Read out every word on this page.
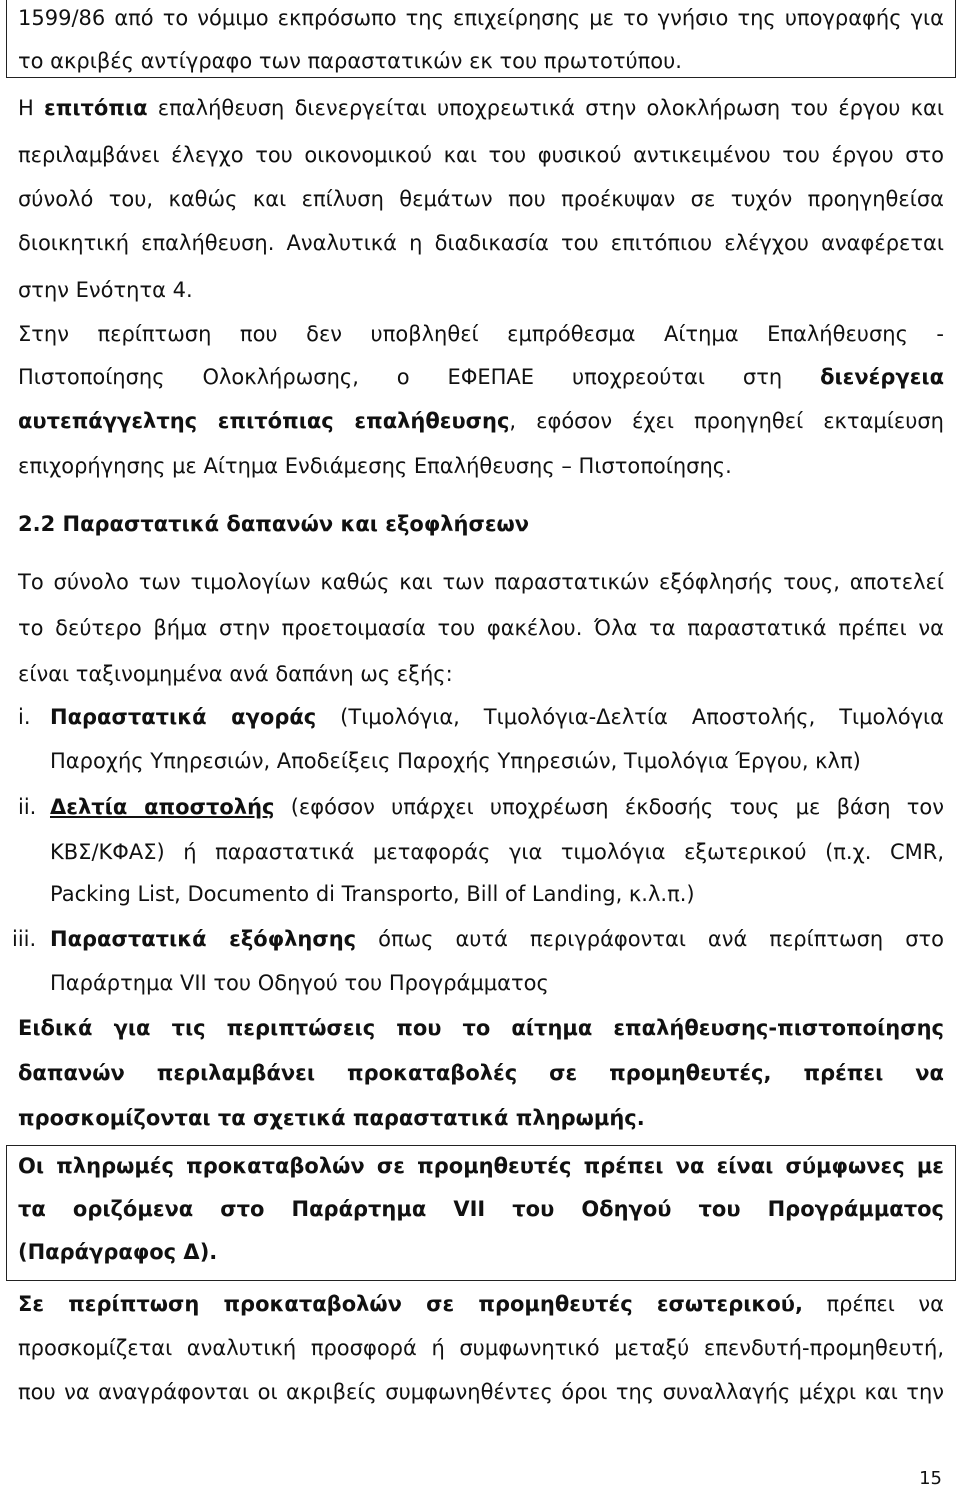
1599/86 από το νόμιμο εκπρόσωπο της επιχείρησης με το γνήσιο της υπογραφής για
το ακριβές αντίγραφο των παραστατικών εκ του πρωτοτύπου.
Η επιτόπια επαλήθευση διενεργείται υποχρεωτικά στην ολοκλήρωση του έργου και
περιλαμβάνει έλεγχο του οικονομικού και του φυσικού αντικειμένου του έργου στο
σύνολό του, καθώς και επίλυση θεμάτων που προέκυψαν σε τυχόν προηγηθείσα
διοικητική επαλήθευση. Αναλυτικά η διαδικασία του επιτόπιου ελέγχου αναφέρεται
στην Ενότητα 4.
Στην περίπτωση που δεν υποβληθεί εμπρόθεσμα Αίτημα Επαλήθευσης -
Πιστοποίησης Ολοκλήρωσης, ο ΕΦΕΠΑΕ υποχρεούται στη διενέργεια
αυτεπάγγελτης επιτόπιας επαλήθευσης, εφόσον έχει προηγηθεί εκταμίευση
επιχορήγησης με Αίτημα Ενδιάμεσης Επαλήθευσης – Πιστοποίησης.
2.2 Παραστατικά δαπανών και εξοφλήσεων
Το σύνολο των τιμολογίων καθώς και των παραστατικών εξόφλησής τους, αποτελεί
το δεύτερο βήμα στην προετοιμασία του φακέλου. Όλα τα παραστατικά πρέπει να
είναι ταξινομημένα ανά δαπάνη ως εξής:
i. Παραστατικά αγοράς (Τιμολόγια, Τιμολόγια-Δελτία Αποστολής, Τιμολόγια
Παροχής Υπηρεσιών, Αποδείξεις Παροχής Υπηρεσιών, Τιμολόγια Έργου, κλπ)
ii. Δελτία αποστολής (εφόσον υπάρχει υποχρέωση έκδοσής τους με βάση τον
ΚΒΣ/ΚΦΑΣ) ή παραστατικά μεταφοράς για τιμολόγια εξωτερικού (π.χ. CMR,
Packing List, Documento di Transporto, Bill of Landing, κ.λ.π.)
iii. Παραστατικά εξόφλησης όπως αυτά περιγράφονται ανά περίπτωση στο
Παράρτημα VII του Οδηγού του Προγράμματος
Ειδικά για τις περιπτώσεις που το αίτημα επαλήθευσης-πιστοποίησης
δαπανών περιλαμβάνει προκαταβολές σε προμηθευτές, πρέπει να
προσκομίζονται τα σχετικά παραστατικά πληρωμής.
Οι πληρωμές προκαταβολών σε προμηθευτές πρέπει να είναι σύμφωνες με
τα οριζόμενα στο Παράρτημα VII του Οδηγού του Προγράμματος
(Παράγραφος Δ).
Σε περίπτωση προκαταβολών σε προμηθευτές εσωτερικού, πρέπει να
προσκομίζεται αναλυτική προσφορά ή συμφωνητικό μεταξύ επενδυτή-προμηθευτή,
που να αναγράφονται οι ακριβείς συμφωνηθέντες όροι της συναλλαγής μέχρι και την
15
